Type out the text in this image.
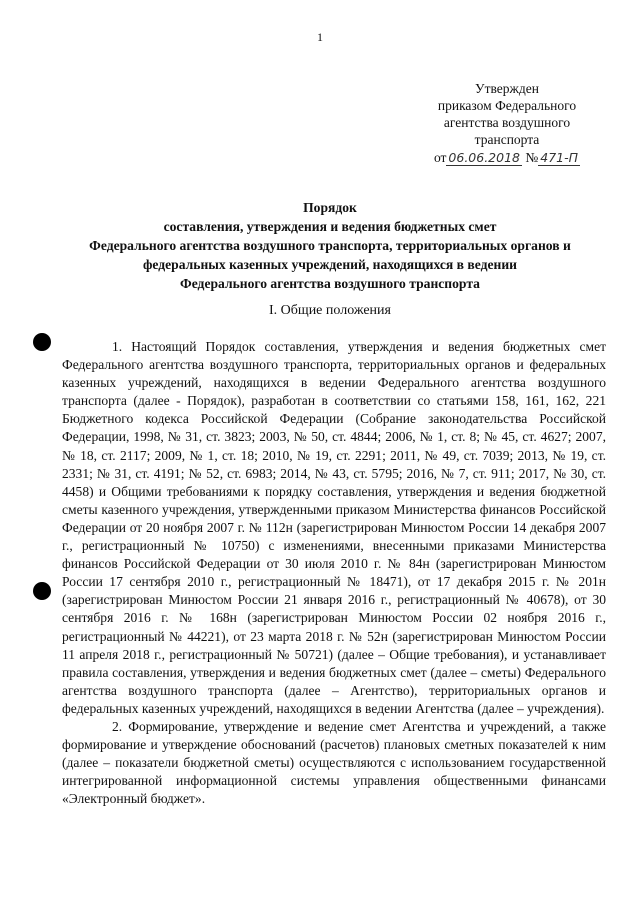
1
Утвержден
приказом Федерального
агентства воздушного
транспорта
от 06.06.2018 № 471-П
Порядок
составления, утверждения и ведения бюджетных смет
Федерального агентства воздушного транспорта, территориальных органов и
федеральных казенных учреждений, находящихся в ведении
Федерального агентства воздушного транспорта
I. Общие положения

1. Настоящий Порядок составления, утверждения и ведения бюджетных смет Федерального агентства воздушного транспорта, территориальных органов и федеральных казенных учреждений, находящихся в ведении Федерального агентства воздушного транспорта (далее - Порядок), разработан в соответствии со статьями 158, 161, 162, 221 Бюджетного кодекса Российской Федерации (Собрание законодательства Российской Федерации, 1998, № 31, ст. 3823; 2003, № 50, ст. 4844; 2006, № 1, ст. 8; № 45, ст. 4627; 2007, № 18, ст. 2117; 2009, № 1, ст. 18; 2010, № 19, ст. 2291; 2011, № 49, ст. 7039; 2013, № 19, ст. 2331; № 31, ст. 4191; № 52, ст. 6983; 2014, № 43, ст. 5795; 2016, № 7, ст. 911; 2017, № 30, ст. 4458) и Общими требованиями к порядку составления, утверждения и ведения бюджетной сметы казенного учреждения, утвержденными приказом Министерства финансов Российской Федерации от 20 ноября 2007 г. № 112н (зарегистрирован Минюстом России 14 декабря 2007 г., регистрационный № 10750) с изменениями, внесенными приказами Министерства финансов Российской Федерации от 30 июля 2010 г. № 84н (зарегистрирован Минюстом России 17 сентября 2010 г., регистрационный № 18471), от 17 декабря 2015 г. № 201н (зарегистрирован Минюстом России 21 января 2016 г., регистрационный № 40678), от 30 сентября 2016 г. № 168н (зарегистрирован Минюстом России 02 ноября 2016 г., регистрационный № 44221), от 23 марта 2018 г. № 52н (зарегистрирован Минюстом России 11 апреля 2018 г., регистрационный № 50721) (далее – Общие требования), и устанавливает правила составления, утверждения и ведения бюджетных смет (далее – сметы) Федерального агентства воздушного транспорта (далее – Агентство), территориальных органов и федеральных казенных учреждений, находящихся в ведении Агентства (далее – учреждения).

2. Формирование, утверждение и ведение смет Агентства и учреждений, а также формирование и утверждение обоснований (расчетов) плановых сметных показателей к ним (далее – показатели бюджетной сметы) осуществляются с использованием государственной интегрированной информационной системы управления общественными финансами «Электронный бюджет».
